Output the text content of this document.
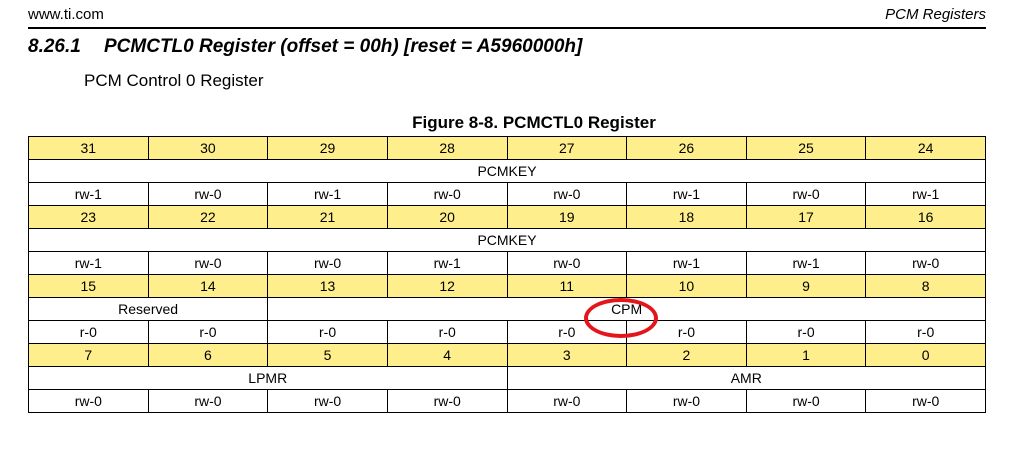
www.ti.com	PCM Registers
8.26.1 PCMCTL0 Register (offset = 00h) [reset = A5960000h]
PCM Control 0 Register
Figure 8-8. PCMCTL0 Register
31	30	29	28	27	26	25	24
PCMKEY							
rw-1	rw-0	rw-1	rw-0	rw-0	rw-1	rw-0	rw-1
23	22	21	20	19	18	17	16
PCMKEY							
rw-1	rw-0	rw-0	rw-1	rw-0	rw-1	rw-1	rw-0
15	14	13	12	11	10	9	8
Reserved		CPM					
r-0	r-0	r-0	r-0	r-0	r-0	r-0	r-0
7	6	5	4	3	2	1	0
LPMR				AMR			
rw-0	rw-0	rw-0	rw-0	rw-0	rw-0	rw-0	rw-0
